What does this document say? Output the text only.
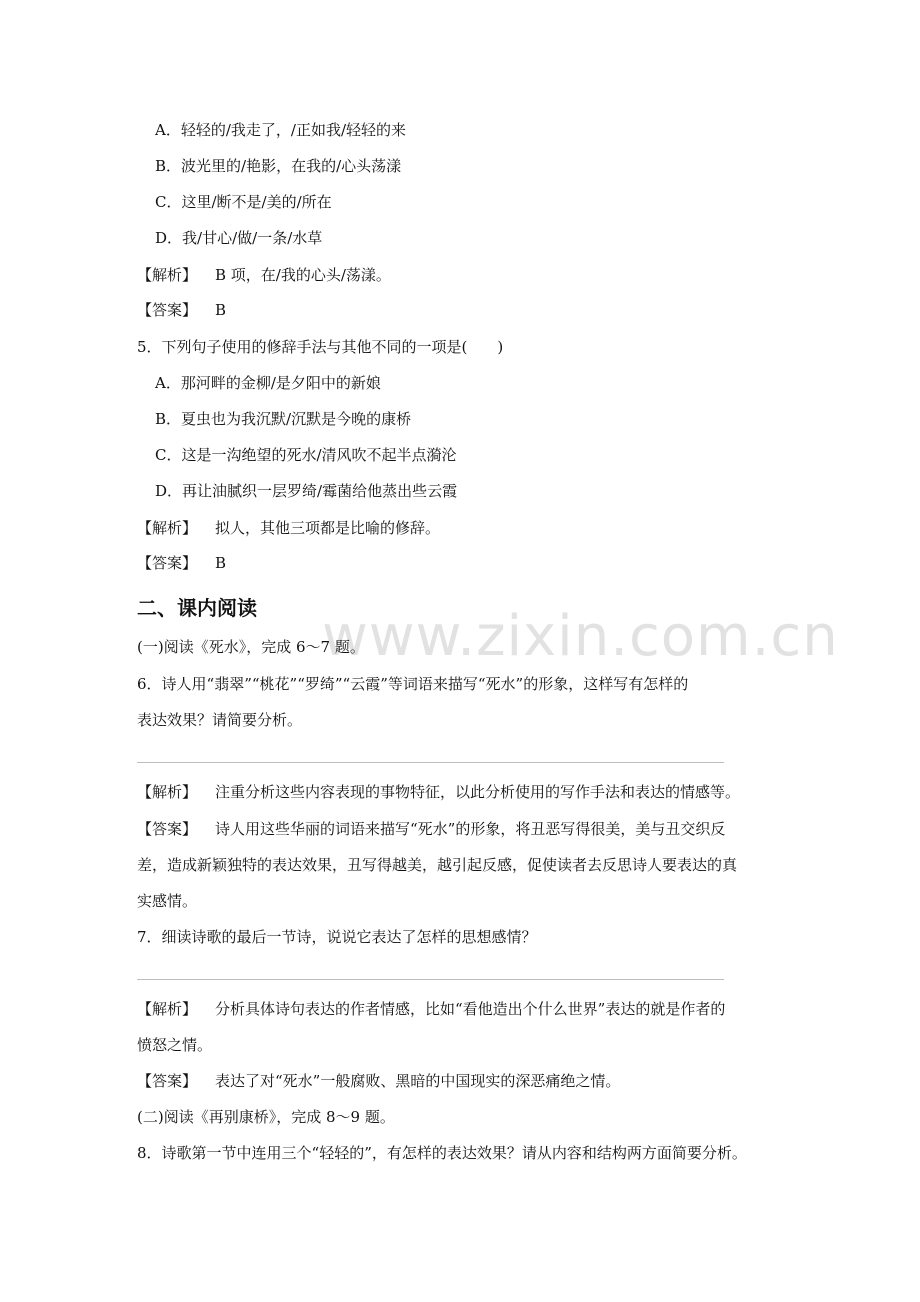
www.zixin.com.cn
A．轻轻的/我走了，/正如我/轻轻的来
B．波光里的/艳影，在我的/心头荡漾
C．这里/断不是/美的/所在
D．我/甘心/做/一条/水草
【解析】 B 项，在/我的心头/荡漾。
【答案】 B
5．下列句子使用的修辞手法与其他不同的一项是(　　)
A．那河畔的金柳/是夕阳中的新娘
B．夏虫也为我沉默/沉默是今晚的康桥
C．这是一沟绝望的死水/清风吹不起半点漪沦
D．再让油腻织一层罗绮/霉菌给他蒸出些云霞
【解析】 拟人，其他三项都是比喻的修辞。
【答案】 B
二、课内阅读
(一)阅读《死水》，完成 6～7 题。
6．诗人用“翡翠”“桃花”“罗绮”“云霞”等词语来描写“死水”的形象，这样写有怎样的
表达效果？请简要分析。
【解析】 注重分析这些内容表现的事物特征，以此分析使用的写作手法和表达的情感等。
【答案】 诗人用这些华丽的词语来描写“死水”的形象，将丑恶写得很美，美与丑交织反
差，造成新颖独特的表达效果，丑写得越美，越引起反感，促使读者去反思诗人要表达的真
实感情。
7．细读诗歌的最后一节诗，说说它表达了怎样的思想感情？
【解析】 分析具体诗句表达的作者情感，比如“看他造出个什么世界”表达的就是作者的
愤怒之情。
【答案】 表达了对“死水”一般腐败、黑暗的中国现实的深恶痛绝之情。
(二)阅读《再别康桥》，完成 8～9 题。
8．诗歌第一节中连用三个“轻轻的”，有怎样的表达效果？请从内容和结构两方面简要分析。
